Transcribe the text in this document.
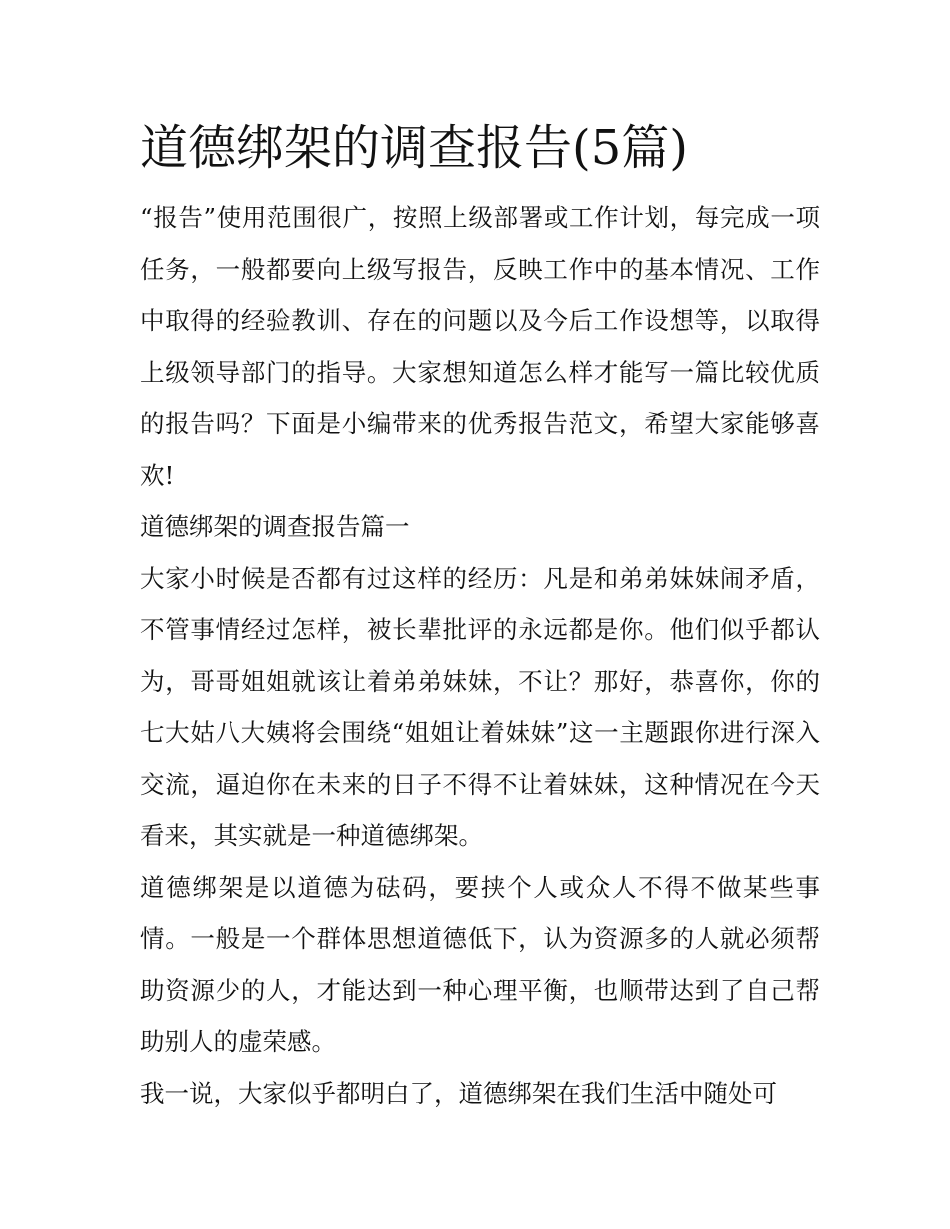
道德绑架的调查报告(5篇)

“报告”使用范围很广，按照上级部署或工作计划，每完成一项任务，一般都要向上级写报告，反映工作中的基本情况、工作中取得的经验教训、存在的问题以及今后工作设想等，以取得上级领导部门的指导。大家想知道怎么样才能写一篇比较优质的报告吗？下面是小编带来的优秀报告范文，希望大家能够喜欢!

道德绑架的调查报告篇一

大家小时候是否都有过这样的经历：凡是和弟弟妹妹闹矛盾，不管事情经过怎样，被长辈批评的永远都是你。他们似乎都认为，哥哥姐姐就该让着弟弟妹妹，不让？那好，恭喜你，你的七大姑八大姨将会围绕“姐姐让着妹妹”这一主题跟你进行深入交流，逼迫你在未来的日子不得不让着妹妹，这种情况在今天看来，其实就是一种道德绑架。

道德绑架是以道德为砝码，要挟个人或众人不得不做某些事情。一般是一个群体思想道德低下，认为资源多的人就必须帮助资源少的人，才能达到一种心理平衡，也顺带达到了自己帮助别人的虚荣感。

我一说，大家似乎都明白了，道德绑架在我们生活中随处可
